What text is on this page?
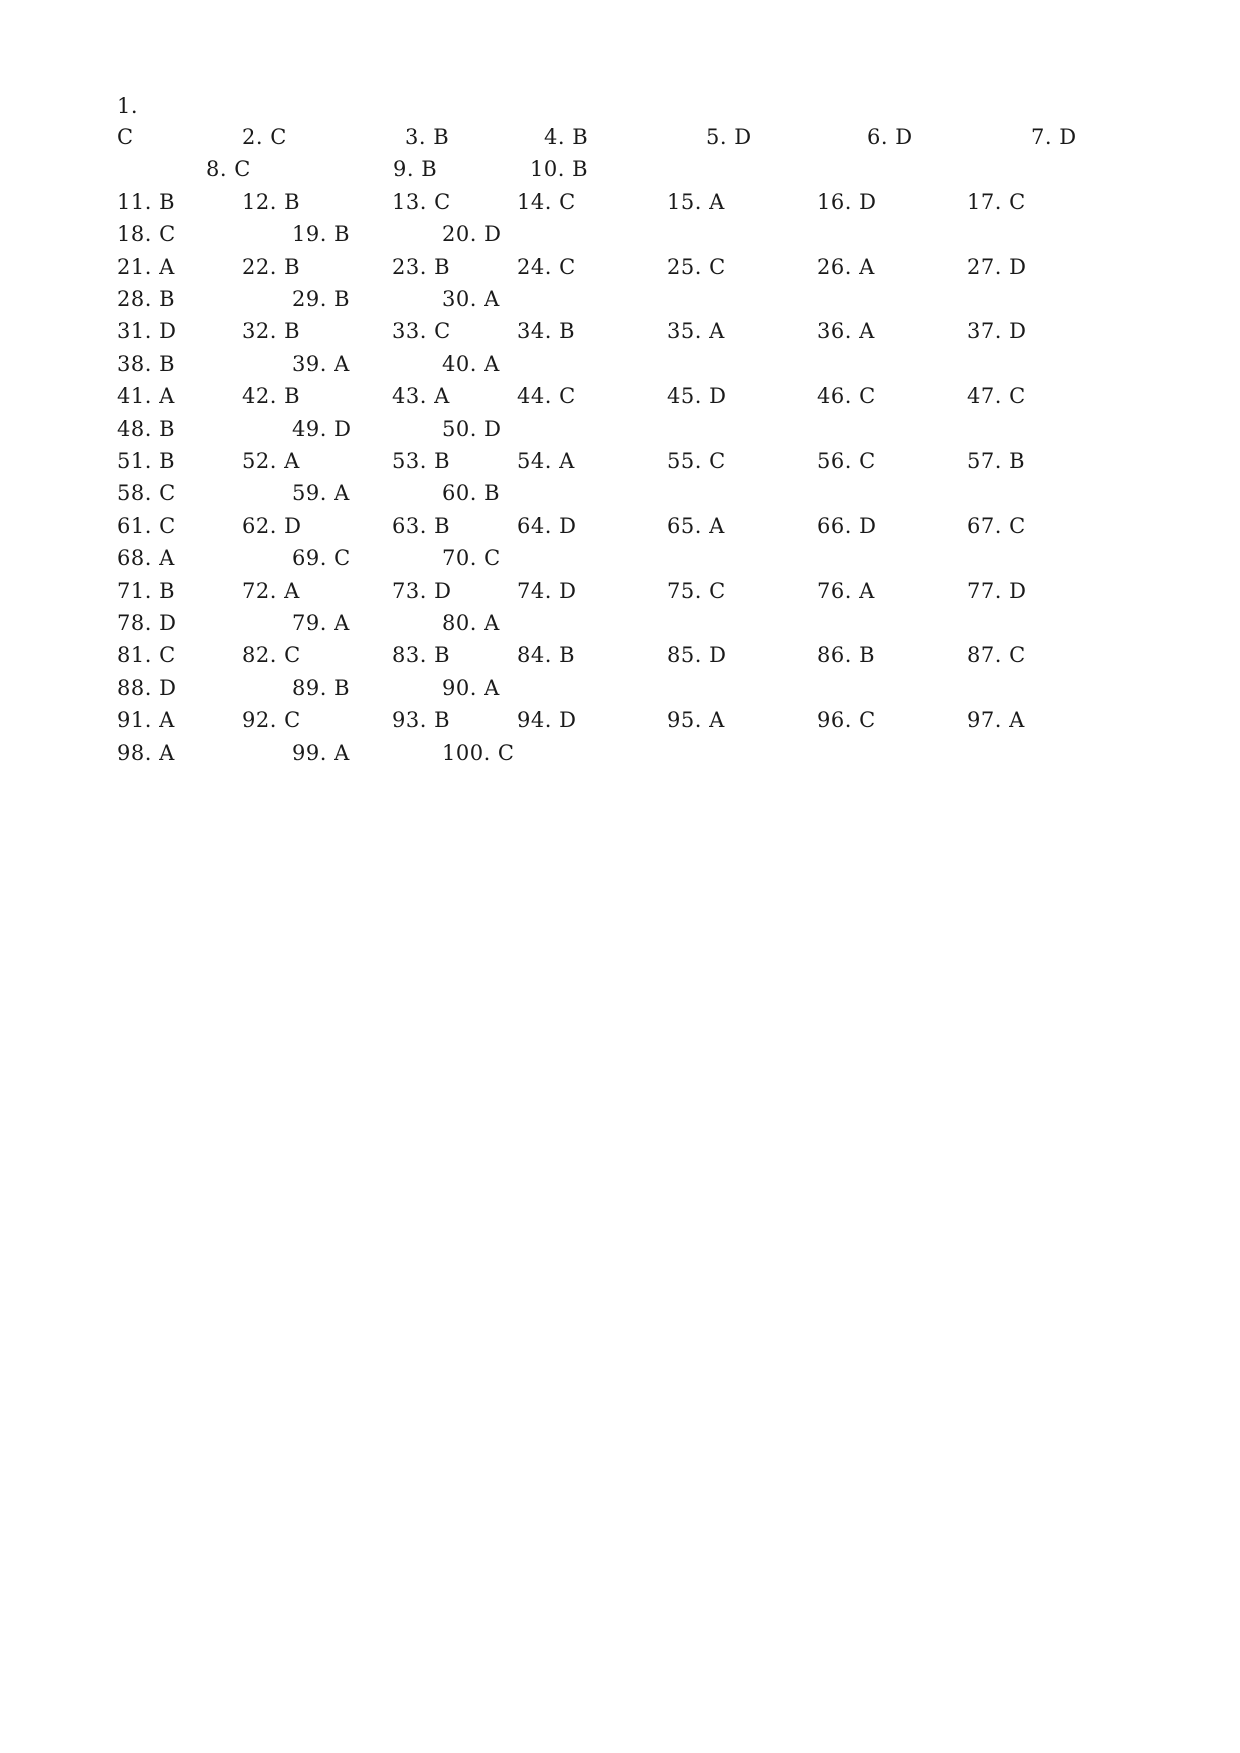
1.
C	2. C	3. B	4. B	5. D	6. D	7. D
8. C	9. B	10. B
11. B	12. B	13. C	14. C	15. A	16. D	17. C
18. C	19. B	20. D
21. A	22. B	23. B	24. C	25. C	26. A	27. D
28. B	29. B	30. A
31. D	32. B	33. C	34. B	35. A	36. A	37. D
38. B	39. A	40. A
41. A	42. B	43. A	44. C	45. D	46. C	47. C
48. B	49. D	50. D
51. B	52. A	53. B	54. A	55. C	56. C	57. B
58. C	59. A	60. B
61. C	62. D	63. B	64. D	65. A	66. D	67. C
68. A	69. C	70. C
71. B	72. A	73. D	74. D	75. C	76. A	77. D
78. D	79. A	80. A
81. C	82. C	83. B	84. B	85. D	86. B	87. C
88. D	89. B	90. A
91. A	92. C	93. B	94. D	95. A	96. C	97. A
98. A	99. A	100. C
